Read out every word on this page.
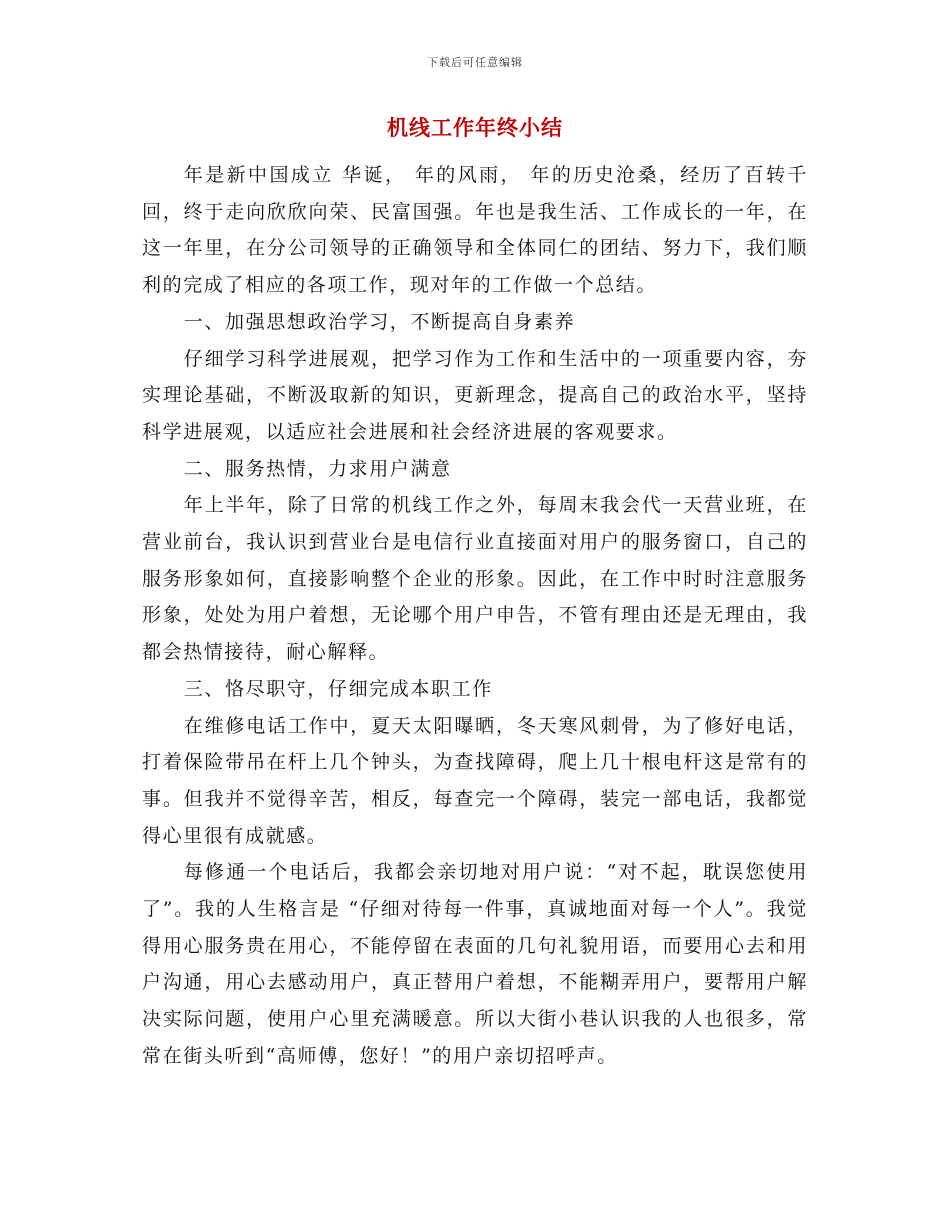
下载后可任意编辑
机线工作年终小结

年是新中国成立 华诞， 年的风雨， 年的历史沧桑，经历了百转千回，终于走向欣欣向荣、民富国强。年也是我生活、工作成长的一年，在这一年里，在分公司领导的正确领导和全体同仁的团结、努力下，我们顺利的完成了相应的各项工作，现对年的工作做一个总结。

一、加强思想政治学习，不断提高自身素养

仔细学习科学进展观，把学习作为工作和生活中的一项重要内容，夯实理论基础，不断汲取新的知识，更新理念，提高自己的政治水平，坚持科学进展观，以适应社会进展和社会经济进展的客观要求。

二、服务热情，力求用户满意

年上半年，除了日常的机线工作之外，每周末我会代一天营业班，在营业前台，我认识到营业台是电信行业直接面对用户的服务窗口，自己的服务形象如何，直接影响整个企业的形象。因此，在工作中时时注意服务形象，处处为用户着想，无论哪个用户申告，不管有理由还是无理由，我都会热情接待，耐心解释。

三、恪尽职守，仔细完成本职工作

在维修电话工作中，夏天太阳曝晒，冬天寒风刺骨，为了修好电话，打着保险带吊在杆上几个钟头，为查找障碍，爬上几十根电杆这是常有的事。但我并不觉得辛苦，相反，每查完一个障碍，装完一部电话，我都觉得心里很有成就感。

每修通一个电话后，我都会亲切地对用户说：“对不起，耽误您使用了”。我的人生格言是 “仔细对待每一件事，真诚地面对每一个人”。我觉得用心服务贵在用心，不能停留在表面的几句礼貌用语，而要用心去和用户沟通，用心去感动用户，真正替用户着想，不能糊弄用户，要帮用户解决实际问题，使用户心里充满暖意。所以大街小巷认识我的人也很多，常常在街头听到“高师傅，您好！”的用户亲切招呼声。
